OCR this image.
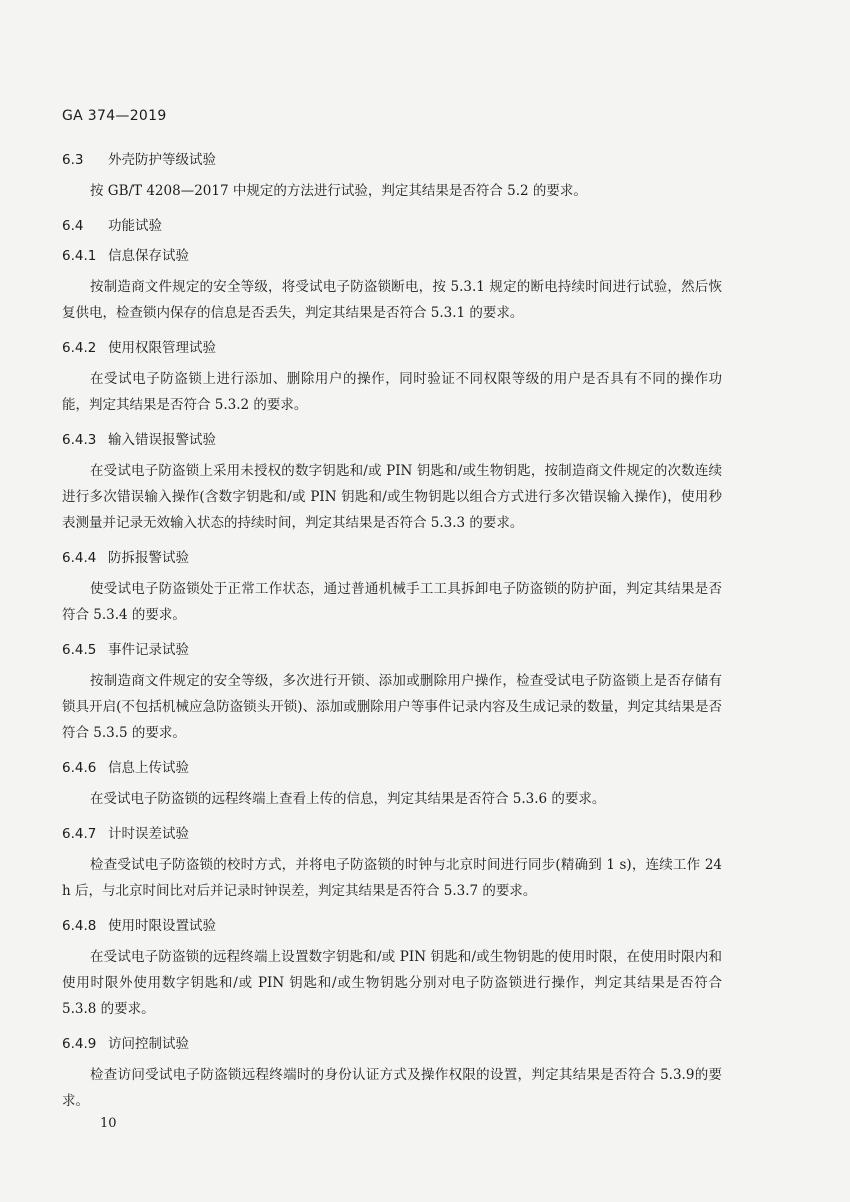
GA 374—2019
6.3 外壳防护等级试验
按 GB/T 4208—2017 中规定的方法进行试验，判定其结果是否符合 5.2 的要求。
6.4 功能试验
6.4.1 信息保存试验
按制造商文件规定的安全等级，将受试电子防盗锁断电，按 5.3.1 规定的断电持续时间进行试验，然后恢复供电，检查锁内保存的信息是否丢失，判定其结果是否符合 5.3.1 的要求。
6.4.2 使用权限管理试验
在受试电子防盗锁上进行添加、删除用户的操作，同时验证不同权限等级的用户是否具有不同的操作功能，判定其结果是否符合 5.3.2 的要求。
6.4.3 输入错误报警试验
在受试电子防盗锁上采用未授权的数字钥匙和/或 PIN 钥匙和/或生物钥匙，按制造商文件规定的次数连续进行多次错误输入操作(含数字钥匙和/或 PIN 钥匙和/或生物钥匙以组合方式进行多次错误输入操作)，使用秒表测量并记录无效输入状态的持续时间，判定其结果是否符合 5.3.3 的要求。
6.4.4 防拆报警试验
使受试电子防盗锁处于正常工作状态，通过普通机械手工工具拆卸电子防盗锁的防护面，判定其结果是否符合 5.3.4 的要求。
6.4.5 事件记录试验
按制造商文件规定的安全等级，多次进行开锁、添加或删除用户操作，检查受试电子防盗锁上是否存储有锁具开启(不包括机械应急防盗锁头开锁)、添加或删除用户等事件记录内容及生成记录的数量，判定其结果是否符合 5.3.5 的要求。
6.4.6 信息上传试验
在受试电子防盗锁的远程终端上查看上传的信息，判定其结果是否符合 5.3.6 的要求。
6.4.7 计时误差试验
检查受试电子防盗锁的校时方式，并将电子防盗锁的时钟与北京时间进行同步(精确到 1 s)，连续工作 24 h 后，与北京时间比对后并记录时钟误差，判定其结果是否符合 5.3.7 的要求。
6.4.8 使用时限设置试验
在受试电子防盗锁的远程终端上设置数字钥匙和/或 PIN 钥匙和/或生物钥匙的使用时限，在使用时限内和使用时限外使用数字钥匙和/或 PIN 钥匙和/或生物钥匙分别对电子防盗锁进行操作，判定其结果是否符合 5.3.8 的要求。
6.4.9 访问控制试验
检查访问受试电子防盗锁远程终端时的身份认证方式及操作权限的设置，判定其结果是否符合 5.3.9的要求。
10
